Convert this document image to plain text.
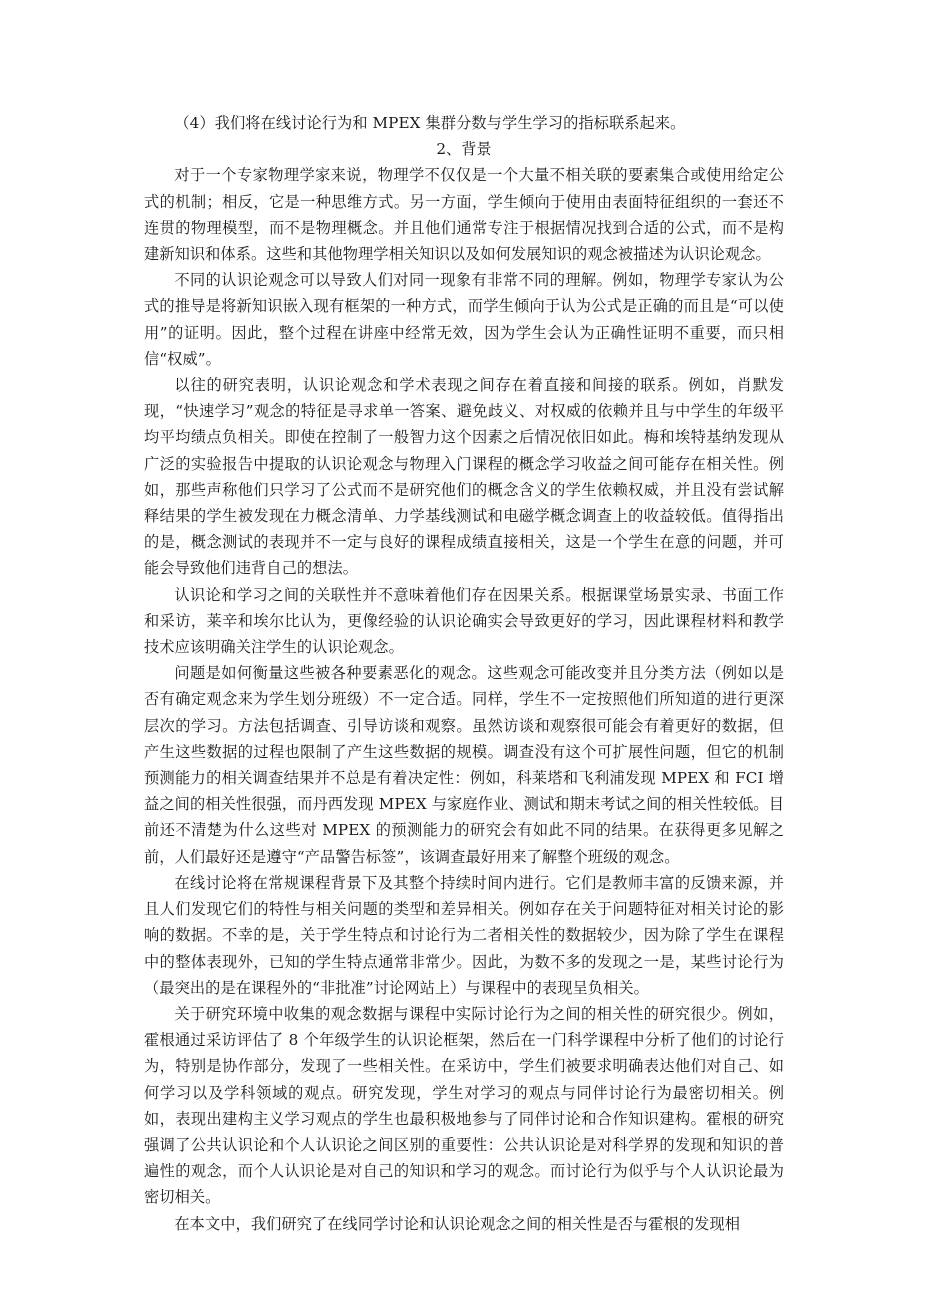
（4）我们将在线讨论行为和 MPEX 集群分数与学生学习的指标联系起来。

2、背景

对于一个专家物理学家来说，物理学不仅仅是一个大量不相关联的要素集合或使用给定公式的机制；相反，它是一种思维方式。另一方面，学生倾向于使用由表面特征组织的一套还不连贯的物理模型，而不是物理概念。并且他们通常专注于根据情况找到合适的公式，而不是构建新知识和体系。这些和其他物理学相关知识以及如何发展知识的观念被描述为认识论观念。

不同的认识论观念可以导致人们对同一现象有非常不同的理解。例如，物理学专家认为公式的推导是将新知识嵌入现有框架的一种方式，而学生倾向于认为公式是正确的而且是“可以使用”的证明。因此，整个过程在讲座中经常无效，因为学生会认为正确性证明不重要，而只相信“权威”。

以往的研究表明，认识论观念和学术表现之间存在着直接和间接的联系。例如，肖默发现，“快速学习”观念的特征是寻求单一答案、避免歧义、对权威的依赖并且与中学生的年级平均平均绩点负相关。即使在控制了一般智力这个因素之后情况依旧如此。梅和埃特基纳发现从广泛的实验报告中提取的认识论观念与物理入门课程的概念学习收益之间可能存在相关性。例如，那些声称他们只学习了公式而不是研究他们的概念含义的学生依赖权威，并且没有尝试解释结果的学生被发现在力概念清单、力学基线测试和电磁学概念调查上的收益较低。值得指出的是，概念测试的表现并不一定与良好的课程成绩直接相关，这是一个学生在意的问题，并可能会导致他们违背自己的想法。

认识论和学习之间的关联性并不意味着他们存在因果关系。根据课堂场景实录、书面工作和采访，莱辛和埃尔比认为，更像经验的认识论确实会导致更好的学习，因此课程材料和教学技术应该明确关注学生的认识论观念。

问题是如何衡量这些被各种要素恶化的观念。这些观念可能改变并且分类方法（例如以是否有确定观念来为学生划分班级）不一定合适。同样，学生不一定按照他们所知道的进行更深层次的学习。方法包括调查、引导访谈和观察。虽然访谈和观察很可能会有着更好的数据，但产生这些数据的过程也限制了产生这些数据的规模。调查没有这个可扩展性问题，但它的机制预测能力的相关调查结果并不总是有着决定性：例如，科莱塔和飞利浦发现 MPEX 和 FCI 增益之间的相关性很强，而丹西发现 MPEX 与家庭作业、测试和期末考试之间的相关性较低。目前还不清楚为什么这些对 MPEX 的预测能力的研究会有如此不同的结果。在获得更多见解之前，人们最好还是遵守“产品警告标签”，该调查最好用来了解整个班级的观念。

在线讨论将在常规课程背景下及其整个持续时间内进行。它们是教师丰富的反馈来源，并且人们发现它们的特性与相关问题的类型和差异相关。例如存在关于问题特征对相关讨论的影响的数据。不幸的是，关于学生特点和讨论行为二者相关性的数据较少，因为除了学生在课程中的整体表现外，已知的学生特点通常非常少。因此，为数不多的发现之一是，某些讨论行为（最突出的是在课程外的“非批准”讨论网站上）与课程中的表现呈负相关。

关于研究环境中收集的观念数据与课程中实际讨论行为之间的相关性的研究很少。例如，霍根通过采访评估了 8 个年级学生的认识论框架，然后在一门科学课程中分析了他们的讨论行为，特别是协作部分，发现了一些相关性。在采访中，学生们被要求明确表达他们对自己、如何学习以及学科领域的观点。研究发现，学生对学习的观点与同伴讨论行为最密切相关。例如，表现出建构主义学习观点的学生也最积极地参与了同伴讨论和合作知识建构。霍根的研究强调了公共认识论和个人认识论之间区别的重要性：公共认识论是对科学界的发现和知识的普遍性的观念，而个人认识论是对自己的知识和学习的观念。而讨论行为似乎与个人认识论最为密切相关。

在本文中，我们研究了在线同学讨论和认识论观念之间的相关性是否与霍根的发现相
